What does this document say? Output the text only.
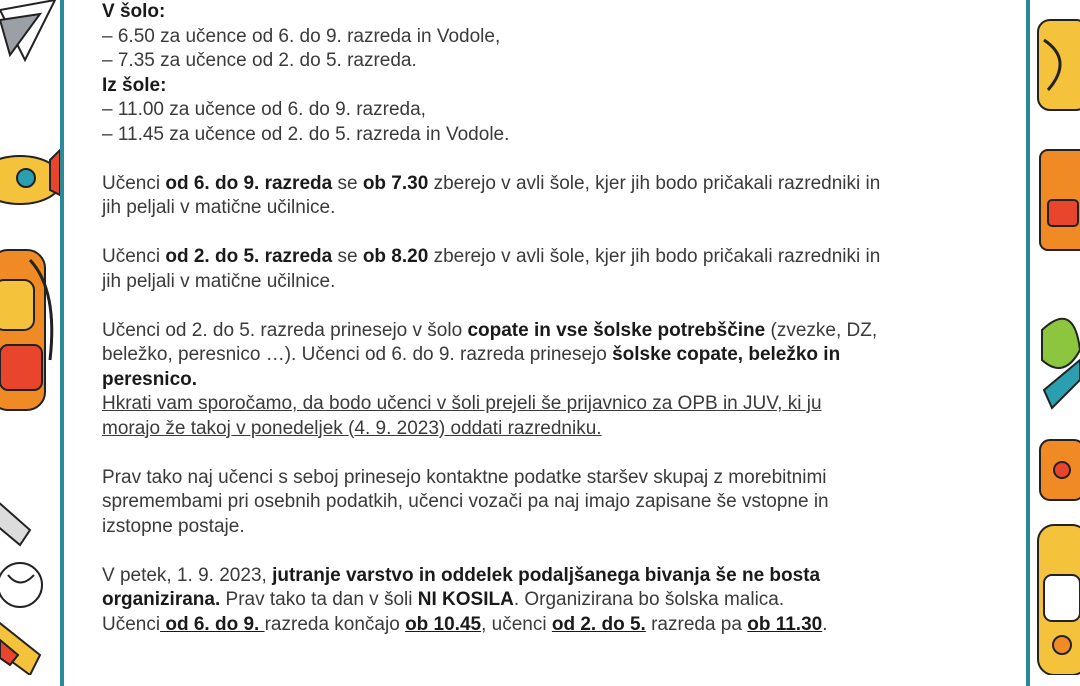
V šolo:

– 6.50 za učence od 6. do 9. razreda in Vodole,

– 7.35 za učence od 2. do 5. razreda.

Iz šole:

– 11.00 za učence od 6. do 9. razreda,

– 11.45 za učence od 2. do 5. razreda in Vodole.

Učenci od 6. do 9. razreda se ob 7.30 zberejo v avli šole, kjer jih bodo pričakali razredniki in

jih peljali v matične učilnice.

Učenci od 2. do 5. razreda se ob 8.20 zberejo v avli šole, kjer jih bodo pričakali razredniki in

jih peljali v matične učilnice.

Učenci od 2. do 5. razreda prinesejo v šolo copate in vse šolske potrebščine (zvezke, DZ,

beležko, peresnico …). Učenci od 6. do 9. razreda prinesejo šolske copate, beležko in

peresnico.

Hkrati vam sporočamo, da bodo učenci v šoli prejeli še prijavnico za OPB in JUV, ki ju

morajo že takoj v ponedeljek (4. 9. 2023) oddati razredniku.

Prav tako naj učenci s seboj prinesejo kontaktne podatke staršev skupaj z morebitnimi

spremembami pri osebnih podatkih, učenci vozači pa naj imajo zapisane še vstopne in

izstopne postaje.

V petek, 1. 9. 2023, jutranje varstvo in oddelek podaljšanega bivanja še ne bosta

organizirana. Prav tako ta dan v šoli NI KOSILA. Organizirana bo šolska malica.

Učenci od 6. do 9. razreda končajo ob 10.45, učenci od 2. do 5. razreda pa ob 11.30.
